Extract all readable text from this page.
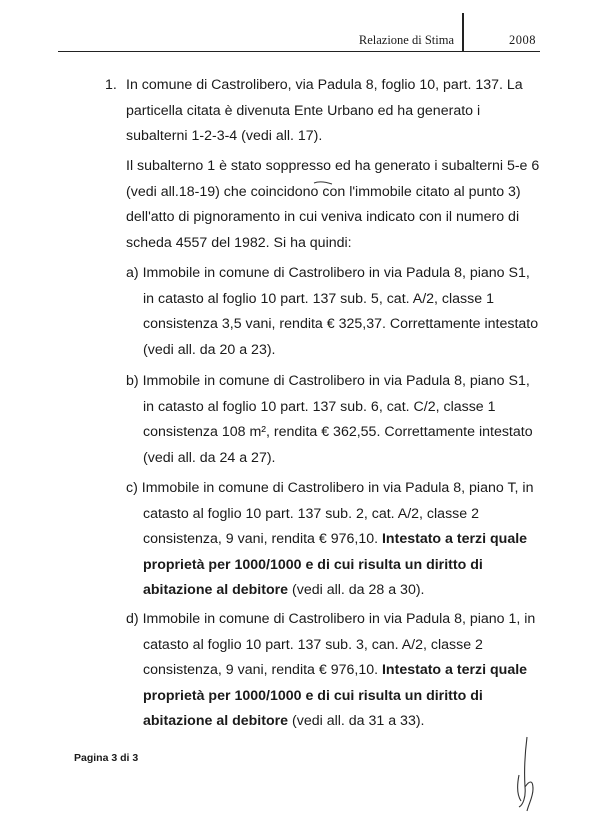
Relazione di Stima	2008
1. In comune di Castrolibero, via Padula 8, foglio 10, part. 137. La particella citata è divenuta Ente Urbano ed ha generato i subalterni 1-2-3-4 (vedi all. 17).

Il subalterno 1 è stato soppresso ed ha generato i subalterni 5-e 6 (vedi all.18-19) che coincidono con l'immobile citato al punto 3) dell'atto di pignoramento in cui veniva indicato con il numero di scheda 4557 del 1982. Si ha quindi:

a) Immobile in comune di Castrolibero in via Padula 8, piano S1, in catasto al foglio 10 part. 137 sub. 5, cat. A/2, classe 1 consistenza 3,5 vani, rendita € 325,37. Correttamente intestato (vedi all. da 20 a 23).

b) Immobile in comune di Castrolibero in via Padula 8, piano S1, in catasto al foglio 10 part. 137 sub. 6, cat. C/2, classe 1 consistenza 108 m², rendita € 362,55. Correttamente intestato (vedi all. da 24 a 27).

c) Immobile in comune di Castrolibero in via Padula 8, piano T, in catasto al foglio 10 part. 137 sub. 2, cat. A/2, classe 2 consistenza, 9 vani, rendita € 976,10. Intestato a terzi quale proprietà per 1000/1000 e di cui risulta un diritto di abitazione al debitore (vedi all. da 28 a 30).

d) Immobile in comune di Castrolibero in via Padula 8, piano 1, in catasto al foglio 10 part. 137 sub. 3, can. A/2, classe 2 consistenza, 9 vani, rendita € 976,10. Intestato a terzi quale proprietà per 1000/1000 e di cui risulta un diritto di abitazione al debitore (vedi all. da 31 a 33).

Pagina 3 di 3
